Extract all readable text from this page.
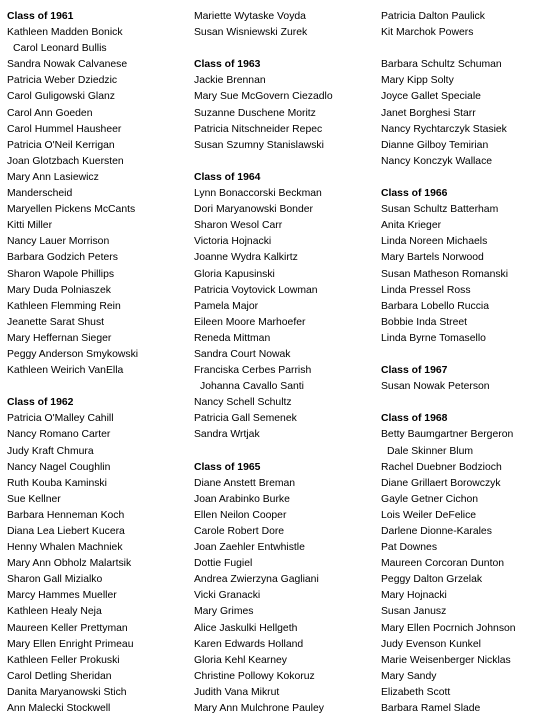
Class of 1961
Kathleen Madden Bonick
Carol Leonard Bullis
Sandra Nowak Calvanese
Patricia Weber Dziedzic
Carol Guligowski Glanz
Carol Ann Goeden
Carol Hummel Hausheer
Patricia O'Neil Kerrigan
Joan Glotzbach Kuersten
Mary Ann Lasiewicz
Manderscheid
Maryellen Pickens McCants
Kitti Miller
Nancy Lauer Morrison
Barbara Godzich Peters
Sharon Wapole Phillips
Mary Duda Polniaszek
Kathleen Flemming Rein
Jeanette Sarat Shust
Mary Heffernan Sieger
Peggy Anderson Smykowski
Kathleen Weirich VanElla
Class of 1962
Patricia O'Malley Cahill
Nancy Romano Carter
Judy Kraft Chmura
Nancy Nagel Coughlin
Ruth Kouba Kaminski
Sue Kellner
Barbara Henneman Koch
Diana Lea Liebert Kucera
Henny Whalen Machniek
Mary Ann Obholz Malartsik
Sharon Gall Mizialko
Marcy Hammes Mueller
Kathleen Healy Neja
Maureen Keller Prettyman
Mary Ellen Enright Primeau
Kathleen Feller Prokuski
Carol Detling Sheridan
Danita Maryanowski Stich
Ann Malecki Stockwell
Mariette Wytaske Voyda
Susan Wisniewski Zurek
Class of 1963
Jackie Brennan
Mary Sue McGovern Ciezadlo
Suzanne Duschene Moritz
Patricia Nitschneider Repec
Susan Szumny Stanislawski
Class of 1964
Lynn Bonaccorski Beckman
Dori Maryanowski Bonder
Sharon Wesol Carr
Victoria Hojnacki
Joanne Wydra Kalkirtz
Gloria Kapusinski
Patricia Voytovick Lowman
Pamela Major
Eileen Moore Marhoefer
Reneda Mittman
Sandra Court Nowak
Franciska Cerbes Parrish
Johanna Cavallo Santi
Nancy Schell Schultz
Patricia Gall Semenek
Sandra Wrtjak
Class of 1965
Diane Anstett Breman
Joan Arabinko Burke
Ellen Neilon Cooper
Carole Robert Dore
Joan Zaehler Entwhistle
Dottie Fugiel
Andrea Zwierzyna Gagliani
Vicki Granacki
Mary Grimes
Alice Jaskulki Hellgeth
Karen Edwards Holland
Gloria Kehl Kearney
Christine Pollowy Kokoruz
Judith Vana Mikrut
Mary Ann Mulchrone Pauley
Patricia Dalton Paulick
Kit Marchok Powers
Barbara Schultz Schuman
Mary Kipp Solty
Joyce Gallet Speciale
Janet Borghesi Starr
Nancy Rychtarczyk Stasiek
Dianne Gilboy Temirian
Nancy Konczyk Wallace
Class of 1966
Susan Schultz Batterham
Anita Krieger
Linda Noreen Michaels
Mary Bartels Norwood
Susan Matheson Romanski
Linda Pressel Ross
Barbara Lobello Ruccia
Bobbie Inda Street
Linda Byrne Tomasello
Class of 1967
Susan Nowak Peterson
Class of 1968
Betty Baumgartner Bergeron
Dale Skinner Blum
Rachel Duebner Bodzioch
Diane Grillaert Borowczyk
Gayle Getner Cichon
Lois Weiler DeFelice
Darlene Dionne-Karales
Pat Downes
Maureen Corcoran Dunton
Peggy Dalton Grzelak
Mary Hojnacki
Susan Janusz
Mary Ellen Pocrnich Johnson
Judy Evenson Kunkel
Marie Weisenberger Nicklas
Mary Sandy
Elizabeth Scott
Barbara Ramel Slade
